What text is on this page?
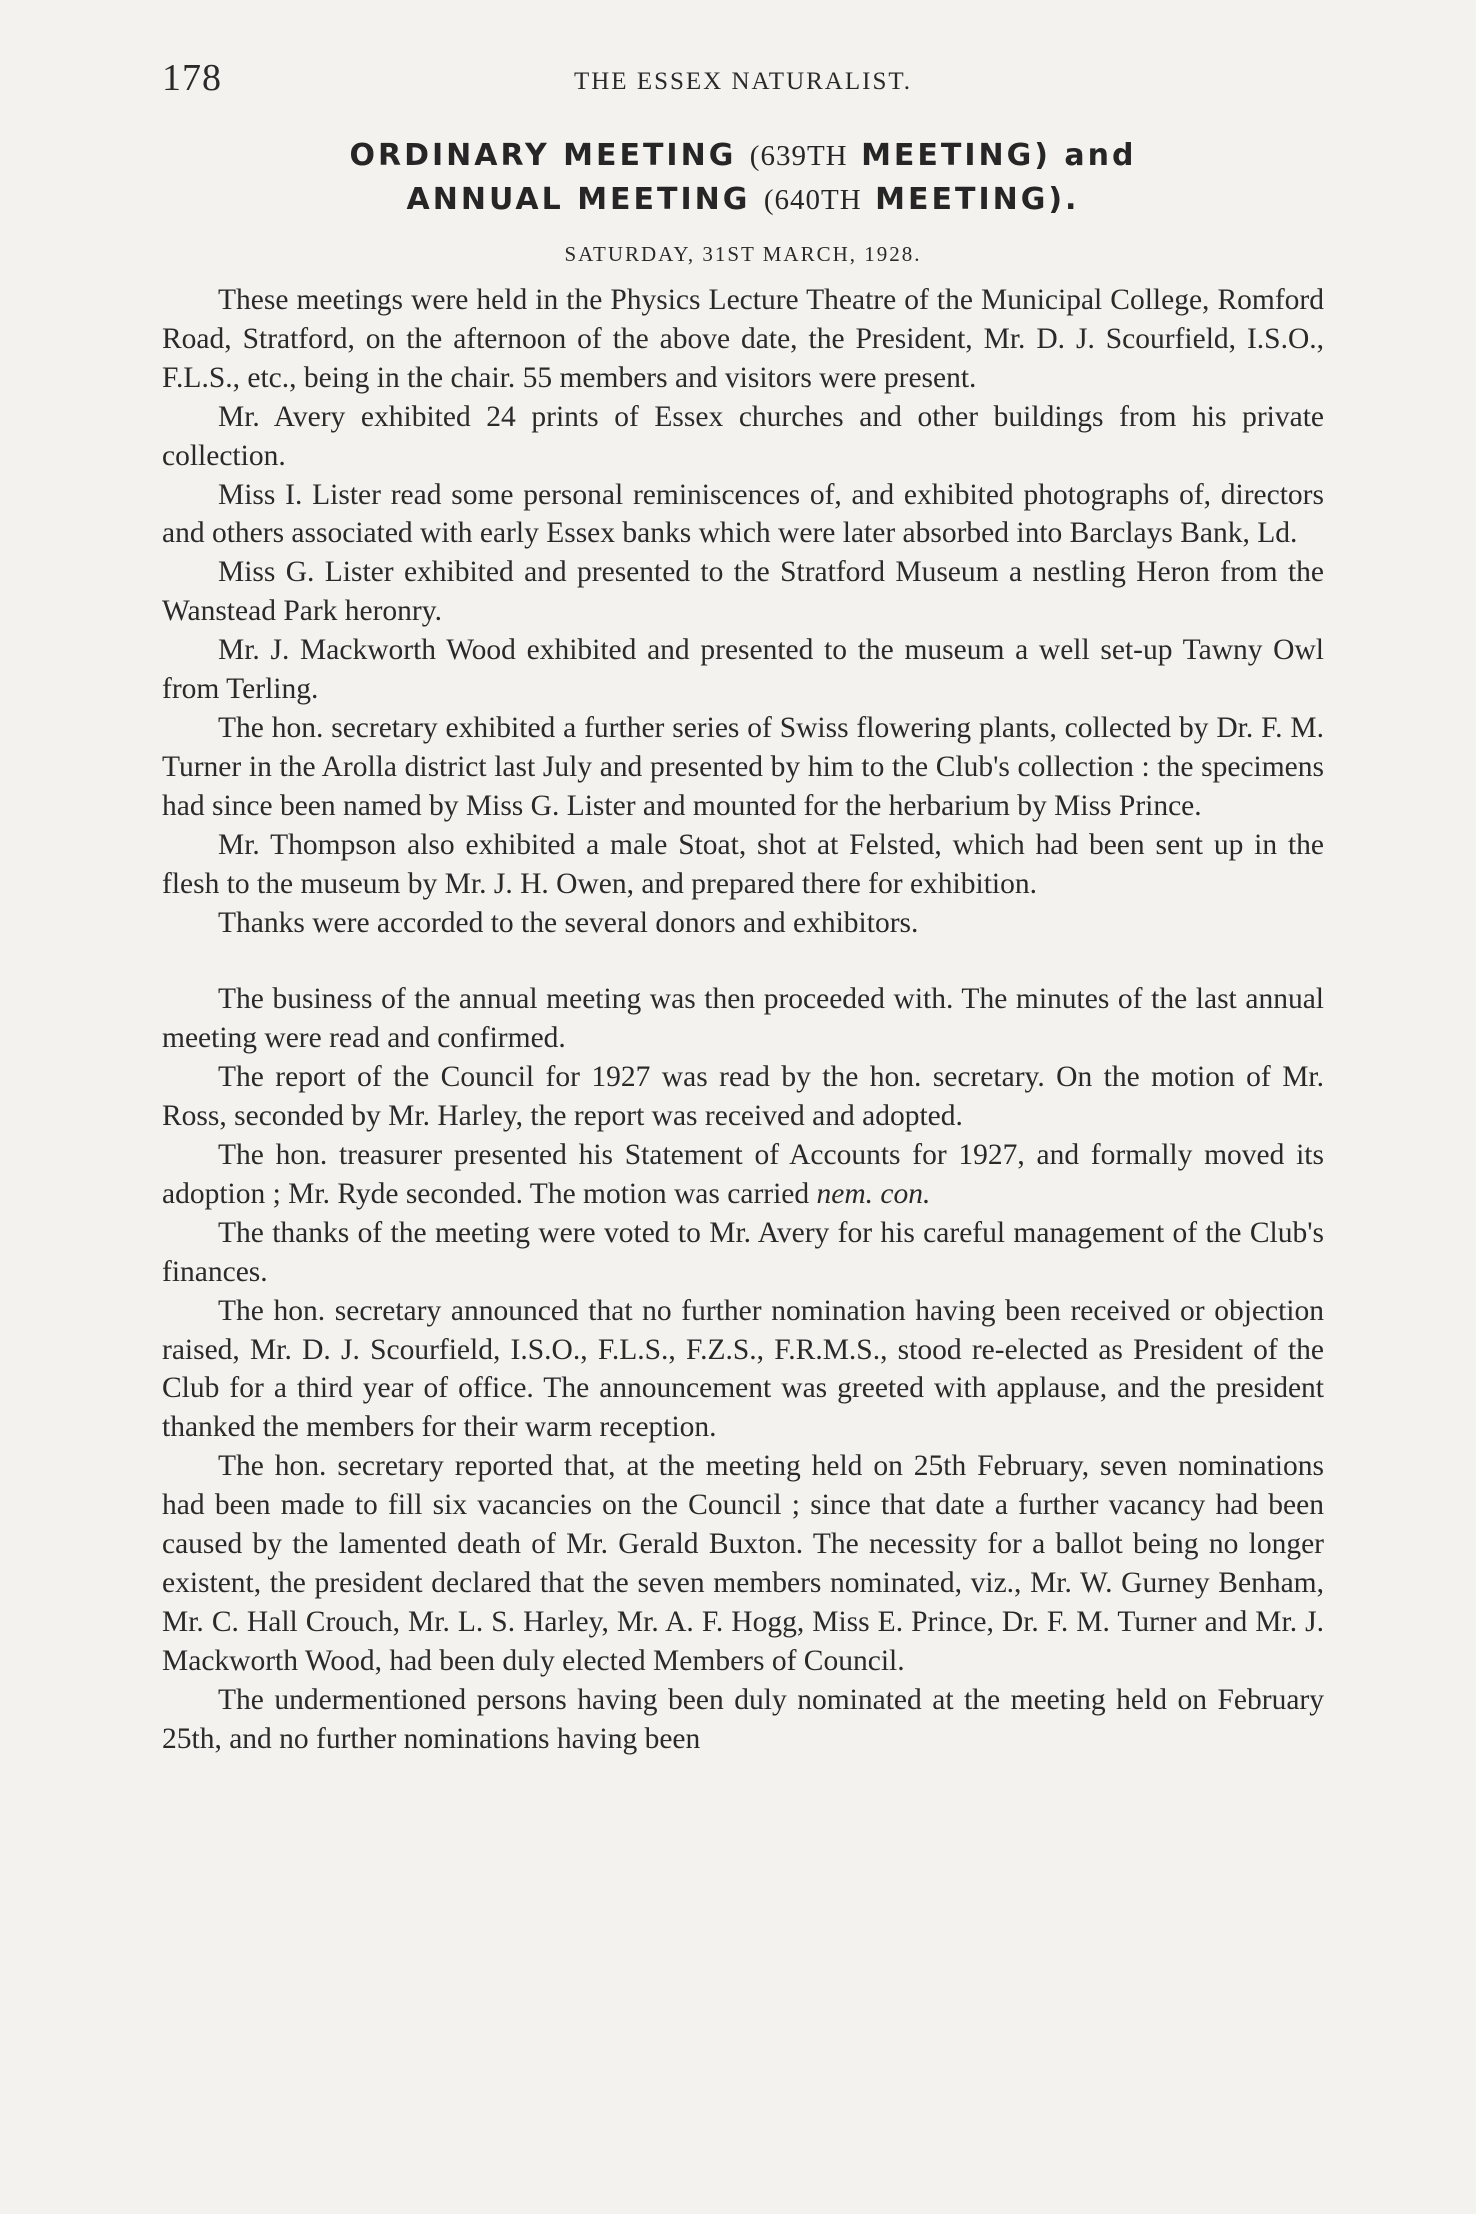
178	THE ESSEX NATURALIST.
ORDINARY MEETING (639TH MEETING) and
ANNUAL MEETING (640TH MEETING).
SATURDAY, 31ST MARCH, 1928.

These meetings were held in the Physics Lecture Theatre of the Municipal College, Romford Road, Stratford, on the afternoon of the above date, the President, Mr. D. J. Scourfield, I.S.O., F.L.S., etc., being in the chair. 55 members and visitors were present.

Mr. Avery exhibited 24 prints of Essex churches and other buildings from his private collection.

Miss I. Lister read some personal reminiscences of, and exhibited photographs of, directors and others associated with early Essex banks which were later absorbed into Barclays Bank, Ld.

Miss G. Lister exhibited and presented to the Stratford Museum a nestling Heron from the Wanstead Park heronry.

Mr. J. Mackworth Wood exhibited and presented to the museum a well set-up Tawny Owl from Terling.

The hon. secretary exhibited a further series of Swiss flowering plants, collected by Dr. F. M. Turner in the Arolla district last July and presented by him to the Club's collection : the specimens had since been named by Miss G. Lister and mounted for the herbarium by Miss Prince.

Mr. Thompson also exhibited a male Stoat, shot at Felsted, which had been sent up in the flesh to the museum by Mr. J. H. Owen, and prepared there for exhibition.

Thanks were accorded to the several donors and exhibitors.

The business of the annual meeting was then proceeded with. The minutes of the last annual meeting were read and confirmed.

The report of the Council for 1927 was read by the hon. secretary. On the motion of Mr. Ross, seconded by Mr. Harley, the report was received and adopted.

The hon. treasurer presented his Statement of Accounts for 1927, and formally moved its adoption ; Mr. Ryde seconded. The motion was carried nem. con.

The thanks of the meeting were voted to Mr. Avery for his careful management of the Club's finances.

The hon. secretary announced that no further nomination having been received or objection raised, Mr. D. J. Scourfield, I.S.O., F.L.S., F.Z.S., F.R.M.S., stood re-elected as President of the Club for a third year of office. The announcement was greeted with applause, and the president thanked the members for their warm reception.

The hon. secretary reported that, at the meeting held on 25th February, seven nominations had been made to fill six vacancies on the Council ; since that date a further vacancy had been caused by the lamented death of Mr. Gerald Buxton. The necessity for a ballot being no longer existent, the president declared that the seven members nominated, viz., Mr. W. Gurney Benham, Mr. C. Hall Crouch, Mr. L. S. Harley, Mr. A. F. Hogg, Miss E. Prince, Dr. F. M. Turner and Mr. J. Mackworth Wood, had been duly elected Members of Council.

The undermentioned persons having been duly nominated at the meeting held on February 25th, and no further nominations having been
